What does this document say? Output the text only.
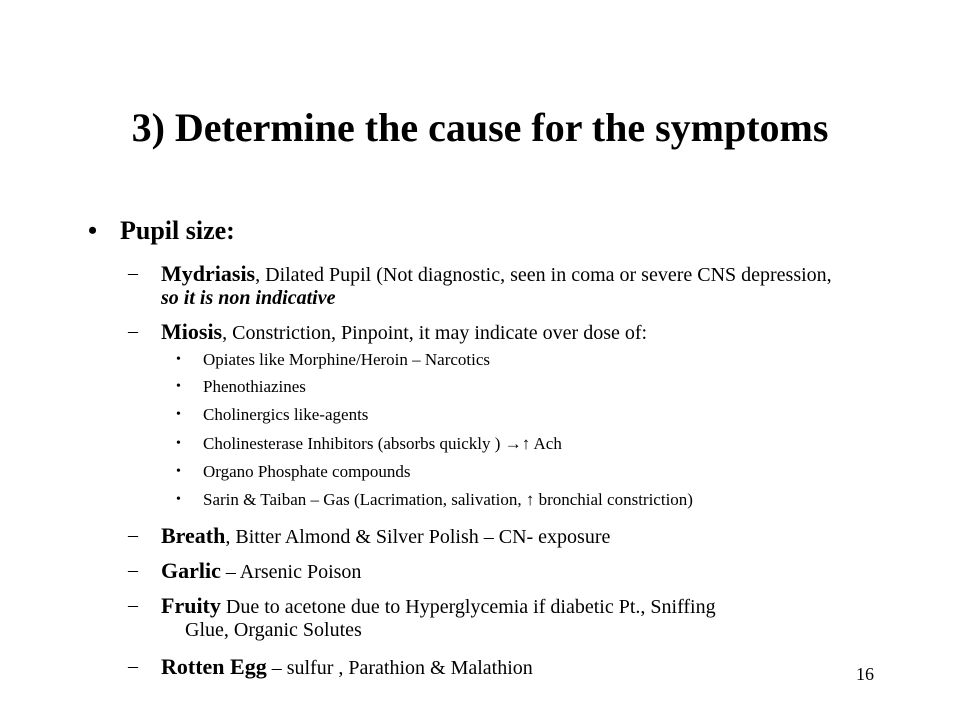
3) Determine the cause for the symptoms
• Pupil size:
– Mydriasis, Dilated Pupil (Not diagnostic, seen in coma or severe CNS depression, so it is non indicative
– Miosis, Constriction, Pinpoint, it may indicate over dose of:
• Opiates like Morphine/Heroin – Narcotics
• Phenothiazines
• Cholinergics like-agents
• Cholinesterase Inhibitors (absorbs quickly ) →↑ Ach
• Organo Phosphate compounds
• Sarin & Taiban – Gas (Lacrimation, salivation, ↑ bronchial constriction)
– Breath, Bitter Almond & Silver Polish – CN- exposure
– Garlic – Arsenic Poison
– Fruity Due to acetone due to Hyperglycemia if diabetic Pt., Sniffing
Glue, Organic Solutes
– Rotten Egg – sulfur , Parathion & Malathion	16
